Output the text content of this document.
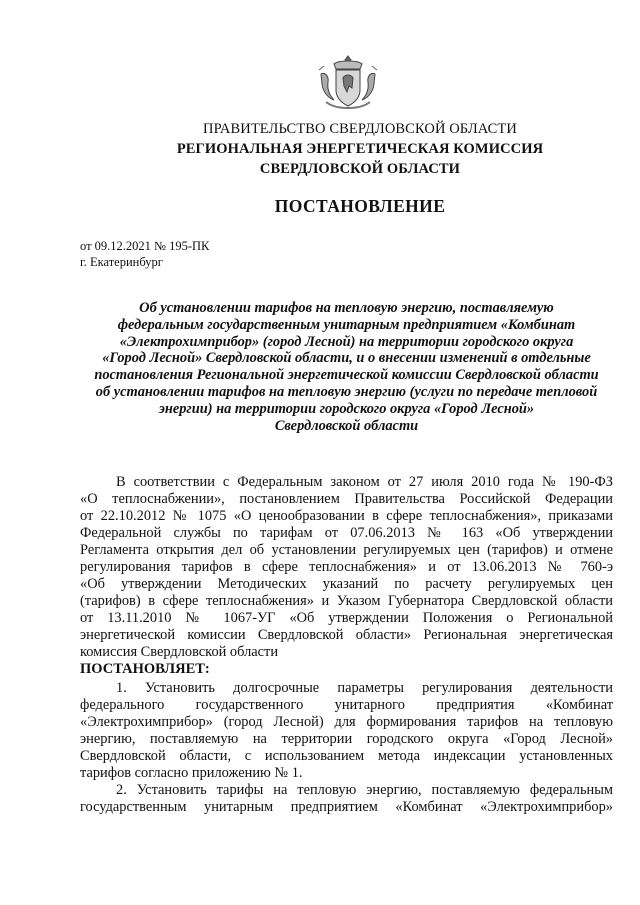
ПРАВИТЕЛЬСТВО СВЕРДЛОВСКОЙ ОБЛАСТИ
РЕГИОНАЛЬНАЯ ЭНЕРГЕТИЧЕСКАЯ КОМИССИЯ
СВЕРДЛОВСКОЙ ОБЛАСТИ
ПОСТАНОВЛЕНИЕ
от 09.12.2021 № 195-ПК
г. Екатеринбург
Об установлении тарифов на тепловую энергию, поставляемую
федеральным государственным унитарным предприятием «Комбинат
«Электрохимприбор» (город Лесной) на территории городского округа
«Город Лесной» Свердловской области, и о внесении изменений в отдельные
постановления Региональной энергетической комиссии Свердловской области
об установлении тарифов на тепловую энергию (услуги по передаче тепловой
энергии) на территории городского округа «Город Лесной»
Свердловской области
В соответствии с Федеральным законом от 27 июля 2010 года № 190-ФЗ
«О теплоснабжении», постановлением Правительства Российской Федерации
от 22.10.2012 № 1075 «О ценообразовании в сфере теплоснабжения», приказами
Федеральной службы по тарифам от 07.06.2013 № 163 «Об утверждении
Регламента открытия дел об установлении регулируемых цен (тарифов) и отмене
регулирования тарифов в сфере теплоснабжения» и от 13.06.2013 № 760-э
«Об утверждении Методических указаний по расчету регулируемых цен
(тарифов) в сфере теплоснабжения» и Указом Губернатора Свердловской области
от 13.11.2010 № 1067-УГ «Об утверждении Положения о Региональной
энергетической комиссии Свердловской области» Региональная энергетическая
комиссия Свердловской области
ПОСТАНОВЛЯЕТ:
1. Установить долгосрочные параметры регулирования деятельности
федерального государственного унитарного предприятия «Комбинат
«Электрохимприбор» (город Лесной) для формирования тарифов на тепловую
энергию, поставляемую на территории городского округа «Город Лесной»
Свердловской области, с использованием метода индексации установленных
тарифов согласно приложению № 1.
2. Установить тарифы на тепловую энергию, поставляемую федеральным
государственным унитарным предприятием «Комбинат «Электрохимприбор»
